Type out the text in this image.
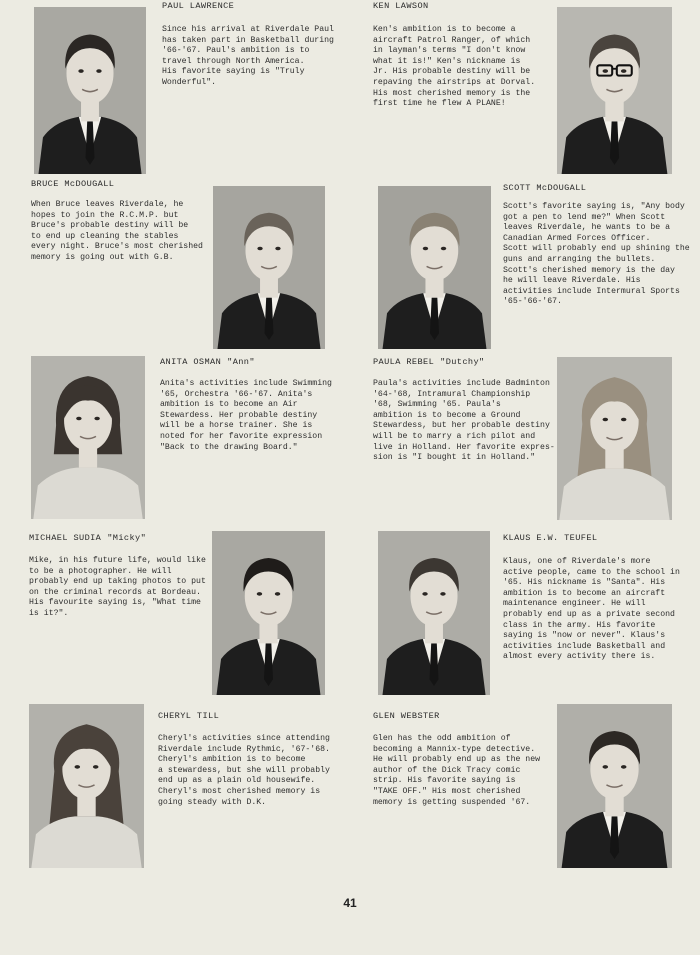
PAUL LAWRENCE
Since his arrival at Riverdale Paul
has taken part in Basketball during
'66-'67. Paul's ambition is to
travel through North America.
His favorite saying is "Truly
Wonderful".
KEN LAWSON
Ken's ambition is to become a
aircraft Patrol Ranger, of which
in layman's terms "I don't know
what it is!" Ken's nickname is
Jr. His probable destiny will be
repaving the airstrips at Dorval.
His most cherished memory is the
first time he flew A PLANE!
BRUCE McDOUGALL
When Bruce leaves Riverdale, he
hopes to join the R.C.M.P. but
Bruce's probable destiny will be
to end up cleaning the stables
every night. Bruce's most cherished
memory is going out with G.B.
SCOTT McDOUGALL
Scott's favorite saying is, "Any body
got a pen to lend me?" When Scott
leaves Riverdale, he wants to be a
Canadian Armed Forces Officer.
Scott will probably end up shining the
guns and arranging the bullets.
Scott's cherished memory is the day
he will leave Riverdale. His
activities include Intermural Sports
'65-'66-'67.
ANITA OSMAN "Ann"
Anita's activities include Swimming
'65, Orchestra '66-'67. Anita's
ambition is to become an Air
Stewardess. Her probable destiny
will be a horse trainer. She is
noted for her favorite expression
"Back to the drawing Board."
PAULA REBEL "Dutchy"
Paula's activities include Badminton
'64-'68, Intramural Championship
'68, Swimming '65. Paula's
ambition is to become a Ground
Stewardess, but her probable destiny
will be to marry a rich pilot and
live in Holland. Her favorite expres-
sion is "I bought it in Holland."
MICHAEL SUDIA "Micky"
Mike, in his future life, would like
to be a photographer. He will
probably end up taking photos to put
on the criminal records at Bordeau.
His favourite saying is, "What time
is it?".
KLAUS E.W. TEUFEL
Klaus, one of Riverdale's more
active people, came to the school in
'65. His nickname is "Santa". His
ambition is to become an aircraft
maintenance engineer. He will
probably end up as a private second
class in the army. His favorite
saying is "now or never". Klaus's
activities include Basketball and
almost every activity there is.
CHERYL TILL
Cheryl's activities since attending
Riverdale include Rythmic, '67-'68.
Cheryl's ambition is to become
a stewardess, but she will probably
end up as a plain old housewife.
Cheryl's most cherished memory is
going steady with D.K.
GLEN WEBSTER
Glen has the odd ambition of
becoming a Mannix-type detective.
He will probably end up as the new
author of the Dick Tracy comic
strip. His favorite saying is
"TAKE OFF." His most cherished
memory is getting suspended '67.
41
